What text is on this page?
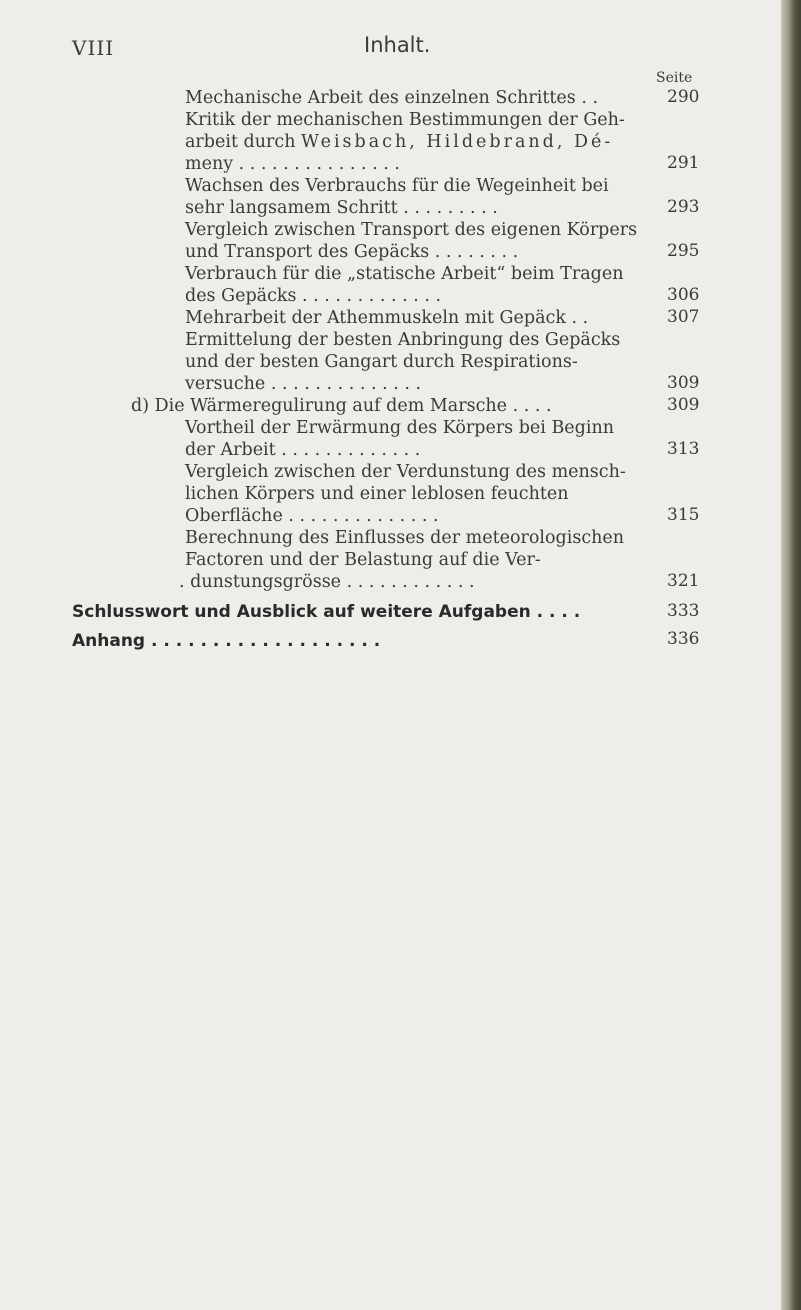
VIII	Inhalt.
Seite
Mechanische Arbeit des einzelnen Schrittes . .
Kritik der mechanischen Bestimmungen der Geh-
arbeit durch Weisbach, Hildebrand, Dé-
meny . . . . . . . . . . . . . . .
Wachsen des Verbrauchs für die Wegeinheit bei
sehr langsamem Schritt . . . . . . . . .
Vergleich zwischen Transport des eigenen Körpers
und Transport des Gepäcks . . . . . . . .
Verbrauch für die „statische Arbeit“ beim Tragen
des Gepäcks . . . . . . . . . . . . .
Mehrarbeit der Athemmuskeln mit Gepäck . .
Ermittelung der besten Anbringung des Gepäcks
und der besten Gangart durch Respirations-
versuche . . . . . . . . . . . . . .
d) Die Wärmeregulirung auf dem Marsche . . . .
Vortheil der Erwärmung des Körpers bei Beginn
der Arbeit . . . . . . . . . . . . .
Vergleich zwischen der Verdunstung des mensch-
lichen Körpers und einer leblosen feuchten
Oberfläche . . . . . . . . . . . . . .
Berechnung des Einflusses der meteorologischen
Factoren und der Belastung auf die Ver-
. dunstungsgrösse . . . . . . . . . . . .
Schlusswort und Ausblick auf weitere Aufgaben . . . .
Anhang . . . . . . . . . . . . . . . . . . .
290
291
293
295
306
307
309
309
313
315
321
333
336
